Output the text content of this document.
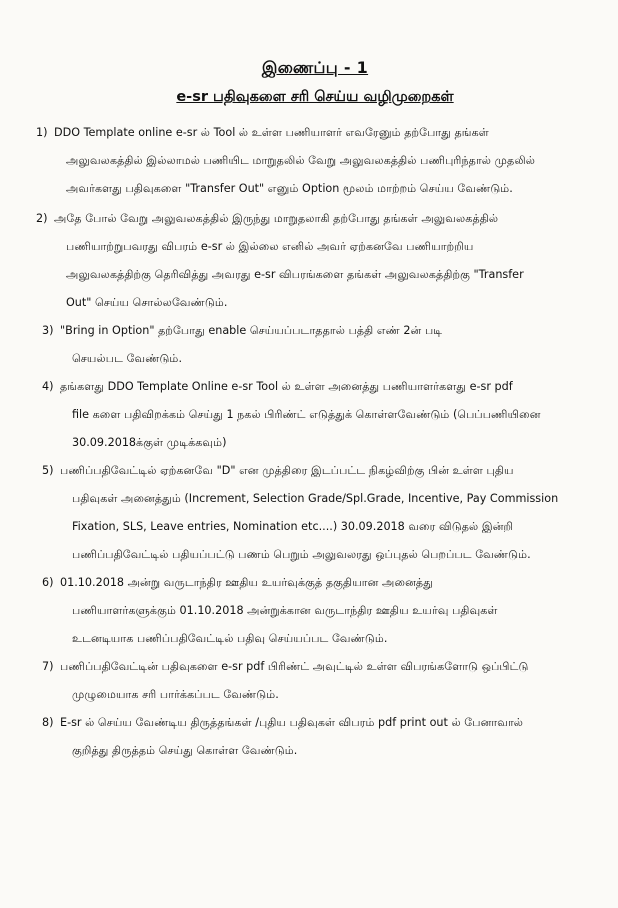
இணைப்பு - 1
e-sr பதிவுகளை சரி செய்ய வழிமுறைகள்
1) DDO Template online e-sr ல் Tool ல் உள்ள பணியாளர் எவரேனும் தற்போது தங்கள்
அலுவலகத்தில் இல்லாமல் பணியிட மாறுதலில் வேறு அலுவலகத்தில் பணிபுரிந்தால் முதலில்
அவர்களது பதிவுகளை "Transfer Out" எனும் Option மூலம் மாற்றம் செய்ய வேண்டும்.
2) அதே போல் வேறு அலுவலகத்தில் இருந்து மாறுதலாகி தற்போது தங்கள் அலுவலகத்தில்
பணியாற்றுபவரது விபரம் e-sr ல் இல்லை எனில் அவர் ஏற்கனவே பணியாற்றிய
அலுவலகத்திற்கு தெரிவித்து அவரது e-sr விபரங்களை தங்கள் அலுவலகத்திற்கு "Transfer
Out" செய்ய சொல்லவேண்டும்.
3) "Bring in Option" தற்போது enable செய்யப்படாததால் பத்தி எண் 2ன் படி
செயல்பட வேண்டும்.
4) தங்களது DDO Template Online e-sr Tool ல் உள்ள அனைத்து பணியாளர்களது e-sr pdf
file களை பதிவிறக்கம் செய்து 1 நகல் பிரிண்ட் எடுத்துக் கொள்ளவேண்டும் (பெப்பணியினை
30.09.2018க்குள் முடிக்கவும்)
5) பணிப்பதிவேட்டில் ஏற்கனவே "D" என முத்திரை இடப்பட்ட நிகழ்விற்கு பின் உள்ள புதிய
பதிவுகள் அனைத்தும் (Increment, Selection Grade/Spl.Grade, Incentive, Pay Commission
Fixation, SLS, Leave entries, Nomination etc....) 30.09.2018 வரை விடுதல் இன்றி
பணிப்பதிவேட்டில் பதியப்பட்டு பணம் பெறும் அலுவலரது ஒப்புதல் பெறப்பட வேண்டும்.
6) 01.10.2018 அன்று வருடாந்திர ஊதிய உயர்வுக்குத் தகுதியான அனைத்து
பணியாளர்களுக்கும் 01.10.2018 அன்றுக்கான வருடாந்திர ஊதிய உயர்வு பதிவுகள்
உடனடியாக பணிப்பதிவேட்டில் பதிவு செய்யப்பட வேண்டும்.
7) பணிப்பதிவேட்டின் பதிவுகளை e-sr pdf பிரிண்ட் அவுட்டில் உள்ள விபரங்களோடு ஒப்பிட்டு
முழுமையாக சரி பார்க்கப்பட வேண்டும்.
8) E-sr ல் செய்ய வேண்டிய திருத்தங்கள் /புதிய பதிவுகள் விபரம் pdf print out ல் பேனாவால்
குறித்து திருத்தம் செய்து கொள்ள வேண்டும்.
